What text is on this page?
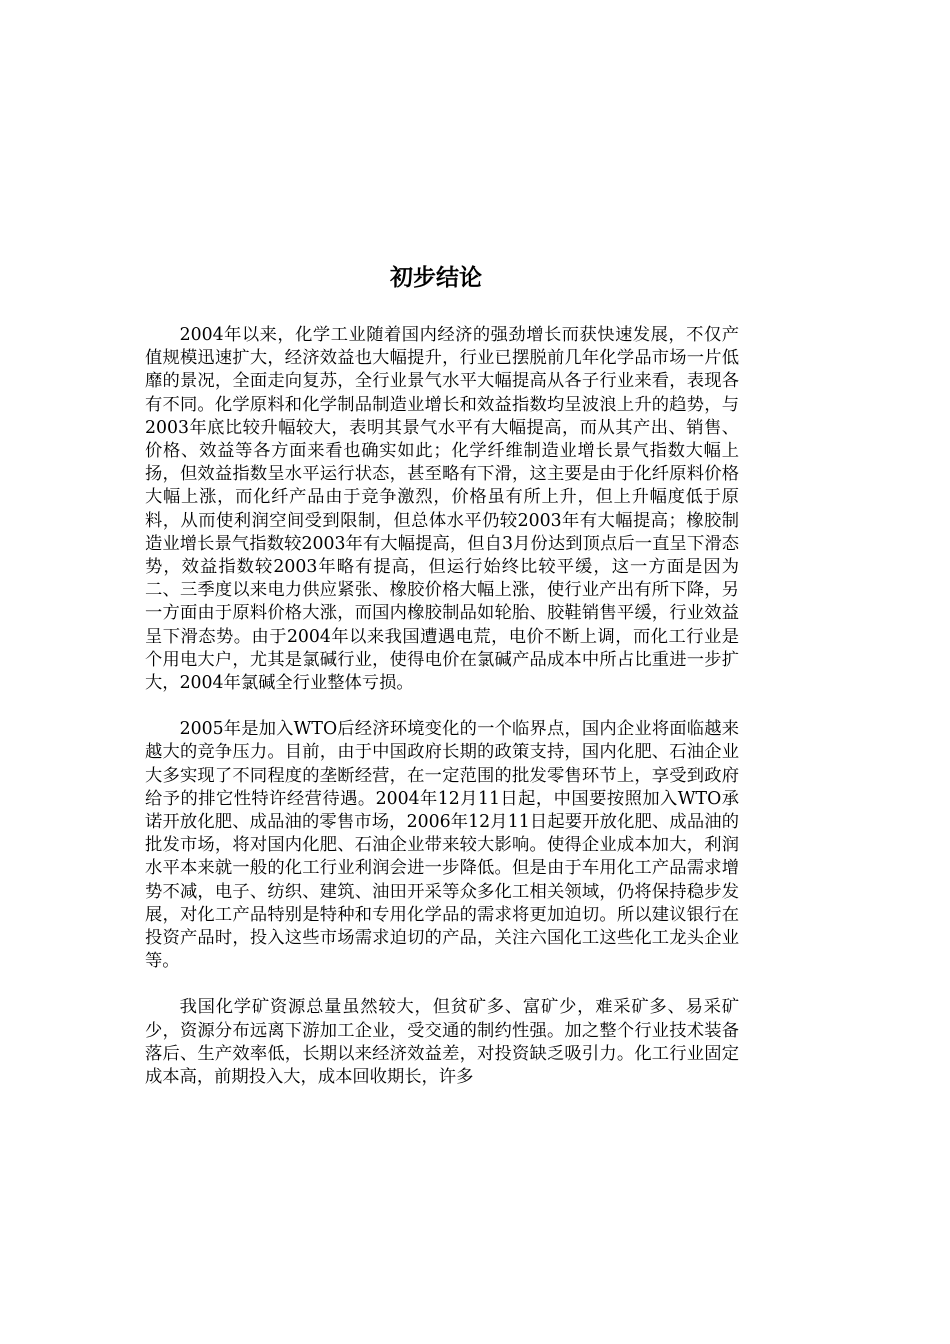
初步结论

2004年以来，化学工业随着国内经济的强劲增长而获快速发展，不仅产值规模迅速扩大，经济效益也大幅提升，行业已摆脱前几年化学品市场一片低靡的景况，全面走向复苏，全行业景气水平大幅提高从各子行业来看，表现各有不同。化学原料和化学制品制造业增长和效益指数均呈波浪上升的趋势，与2003年底比较升幅较大，表明其景气水平有大幅提高，而从其产出、销售、价格、效益等各方面来看也确实如此；化学纤维制造业增长景气指数大幅上扬，但效益指数呈水平运行状态，甚至略有下滑，这主要是由于化纤原料价格大幅上涨，而化纤产品由于竞争激烈，价格虽有所上升，但上升幅度低于原料，从而使利润空间受到限制，但总体水平仍较2003年有大幅提高；橡胶制造业增长景气指数较2003年有大幅提高，但自3月份达到顶点后一直呈下滑态势，效益指数较2003年略有提高，但运行始终比较平缓，这一方面是因为二、三季度以来电力供应紧张、橡胶价格大幅上涨，使行业产出有所下降，另一方面由于原料价格大涨，而国内橡胶制品如轮胎、胶鞋销售平缓，行业效益呈下滑态势。由于2004年以来我国遭遇电荒，电价不断上调，而化工行业是个用电大户，尤其是氯碱行业，使得电价在氯碱产品成本中所占比重进一步扩大，2004年氯碱全行业整体亏损。

2005年是加入WTO后经济环境变化的一个临界点，国内企业将面临越来越大的竞争压力。目前，由于中国政府长期的政策支持，国内化肥、石油企业大多实现了不同程度的垄断经营，在一定范围的批发零售环节上，享受到政府给予的排它性特许经营待遇。2004年12月11日起，中国要按照加入WTO承诺开放化肥、成品油的零售市场，2006年12月11日起要开放化肥、成品油的批发市场，将对国内化肥、石油企业带来较大影响。使得企业成本加大，利润水平本来就一般的化工行业利润会进一步降低。但是由于车用化工产品需求增势不减，电子、纺织、建筑、油田开采等众多化工相关领域，仍将保持稳步发展，对化工产品特别是特种和专用化学品的需求将更加迫切。所以建议银行在投资产品时，投入这些市场需求迫切的产品，关注六国化工这些化工龙头企业等。

我国化学矿资源总量虽然较大，但贫矿多、富矿少，难采矿多、易采矿少，资源分布远离下游加工企业，受交通的制约性强。加之整个行业技术装备落后、生产效率低，长期以来经济效益差，对投资缺乏吸引力。化工行业固定成本高，前期投入大，成本回收期长，许多
